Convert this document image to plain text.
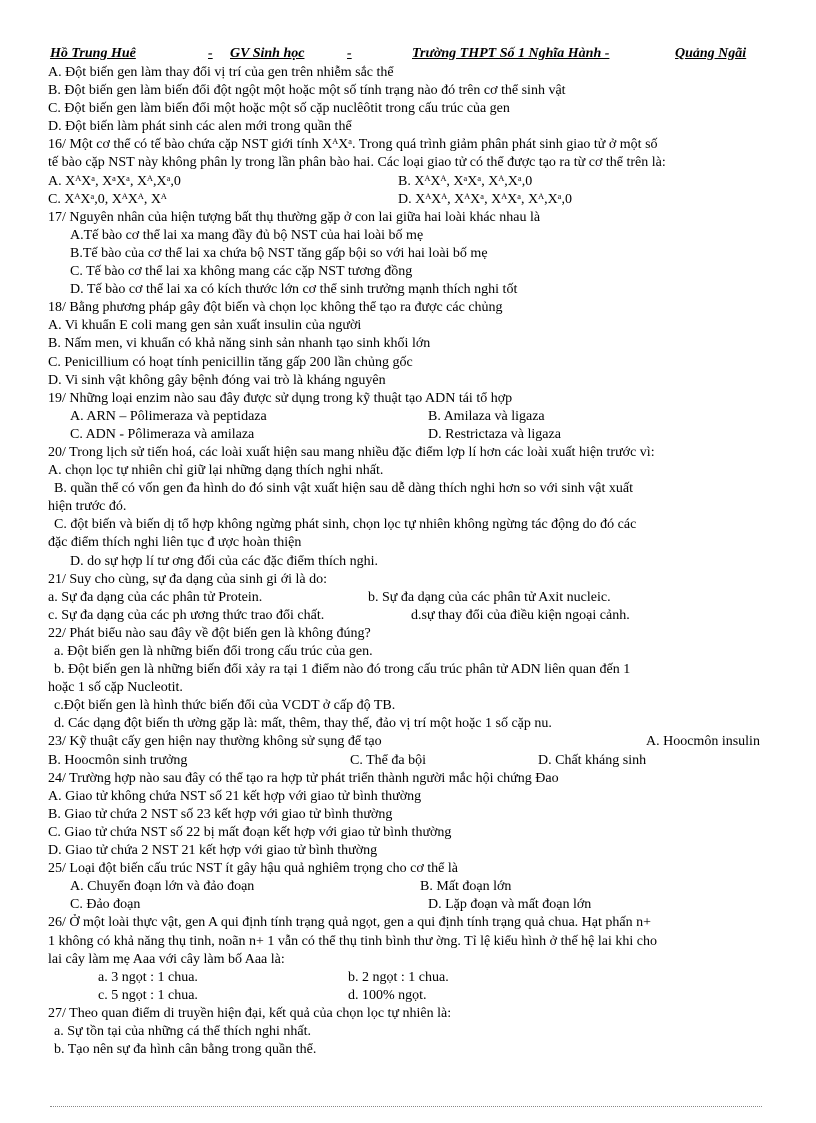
Hồ Trung Huê	- GV Sinh học	-	Trường THPT Số 1 Nghĩa Hành -	Quảng Ngãi
A. Đột biến gen làm thay đổi vị trí của gen trên nhiễm sắc thể
B. Đột biến gen làm biến đổi đột ngột một hoặc một số tính trạng nào đó trên cơ thể sinh vật
C. Đột biến gen làm biến đổi một hoặc một số cặp nuclêôtit trong cấu trúc của gen
D. Đột biến làm phát sinh các alen mới trong quần thể
16/ Một cơ thể có tế bào chứa cặp NST giới tính XᴬXᵃ. Trong quá trình giảm phân phát sinh giao tử ở một số
tế bào cặp NST này không phân ly trong lần phân bào hai. Các loại giao tử có thể được tạo ra từ cơ thể trên là:
A. XᴬXᵃ, XᵃXᵃ, Xᴬ,Xᵃ,0	B. XᴬXᴬ, XᵃXᵃ, Xᴬ,Xᵃ,0
C. XᴬXᵃ,0, XᴬXᴬ, Xᴬ	D. XᴬXᴬ, XᴬXᵃ, XᴬXᵃ, Xᴬ,Xᵃ,0
17/ Nguyên nhân của hiện tượng bất thụ thường gặp ở con lai giữa hai loài khác nhau là
A.Tế bào cơ thể lai xa mang đầy đủ bộ NST của hai loài bố mẹ
B.Tế bào của cơ thể lai xa chứa bộ NST tăng gấp bội so với hai loài bố mẹ
C. Tế bào cơ thể lai xa không mang các cặp NST tương đồng
D. Tế bào cơ thể lai xa có kích thước lớn cơ thể sinh trưởng mạnh thích nghi tốt
18/ Bằng phương pháp gây đột biến và chọn lọc không thể tạo ra được các chủng
A. Vi khuẩn E coli mang gen sản xuất insulin của người
B. Nấm men, vi khuẩn có khả năng sinh sản nhanh tạo sinh khối lớn
C. Penicillium có hoạt tính penicillin tăng gấp 200 lần chủng gốc
D. Vi sinh vật không gây bệnh đóng vai trò là kháng nguyên
19/ Những loại enzim nào sau đây được sử dụng trong kỹ thuật tạo ADN tái tổ hợp
A. ARN – Pôlimeraza và peptidaza	B. Amilaza và ligaza
C. ADN - Pôlimeraza và amilaza	D. Restrictaza và ligaza
20/ Trong lịch sử tiến hoá, các loài xuất hiện sau mang nhiều đặc điểm lợp lí hơn các loài xuất hiện trước vì:
A. chọn lọc tự nhiên chỉ giữ lại những dạng thích nghi nhất.
B. quần thể có vốn gen đa hình do đó sinh vật xuất hiện sau dễ dàng thích nghi hơn so với sinh vật xuất
hiện trước đó.
C. đột biến và biến dị tổ hợp không ngừng phát sinh, chọn lọc tự nhiên không ngừng tác động do đó các
đặc điểm thích nghi liên tục đ ược hoàn thiện
D. do sự hợp lí tư ơng đối của các đặc điểm thích nghi.
21/ Suy cho cùng, sự đa dạng của sinh gi ới là do:
a. Sự đa dạng của các phân tử Protein.	b. Sự đa dạng của các phân tử Axit nucleic.
c. Sự đa dạng của các ph ương thức trao đổi chất.	d.sự thay đổi của điều kiện ngoại cảnh.
22/ Phát biểu nào sau đây về đột biến gen là không đúng?
a. Đột biến gen là những biến đổi trong cấu trúc của gen.
b. Đột biến gen là những biến đổi xảy ra tại 1 điểm nào đó trong cấu trúc phân tử ADN liên quan đến 1
hoặc 1 số cặp Nucleotit.
c.Đột biến gen là hình thức biến đổi của VCDT ở cấp độ TB.
d. Các dạng đột biến th ường gặp là: mất, thêm, thay thế, đảo vị trí một hoặc 1 số cặp nu.
23/ Kỹ thuật cấy gen hiện nay thường không sử sụng để tạo	A. Hoocmôn insulin
B. Hoocmôn sinh trưởng	C. Thể đa bội	D. Chất kháng sinh
24/ Trường hợp nào sau đây có thể tạo ra hợp tử phát triển thành người mắc hội chứng Đao
A. Giao tử không chứa NST số 21 kết hợp với giao tử bình thường
B. Giao tử chứa 2 NST số 23 kết hợp với giao tử bình thường
C. Giao tử chứa NST số 22 bị mất đoạn kết hợp với giao tử bình thường
D. Giao tử chứa 2 NST 21 kết hợp với giao tử bình thường
25/ Loại đột biến cấu trúc NST ít gây hậu quả nghiêm trọng cho cơ thể là
A. Chuyển đoạn lớn và đảo đoạn	B. Mất đoạn lớn
C. Đảo đoạn	D. Lặp đoạn và mất đoạn lớn
26/ Ở một loài thực vật, gen A qui định tính trạng quả ngọt, gen a qui định tính trạng quả chua. Hạt phấn n+
1 không có khả năng thụ tinh, noãn n+ 1 vẫn có thể thụ tinh bình thư ờng. Tỉ lệ kiểu hình ở thế hệ lai khi cho
lai cây làm mẹ Aaa với cây làm bố Aaa là:
a. 3 ngọt : 1 chua.	b. 2 ngọt : 1 chua.
c. 5 ngọt : 1 chua.	d. 100% ngọt.
27/ Theo quan điểm di truyền hiện đại, kết quả của chọn lọc tự nhiên là:
a. Sự tồn tại của những cá thể thích nghi nhất.
b. Tạo nên sự đa hình cân bằng trong quần thể.
